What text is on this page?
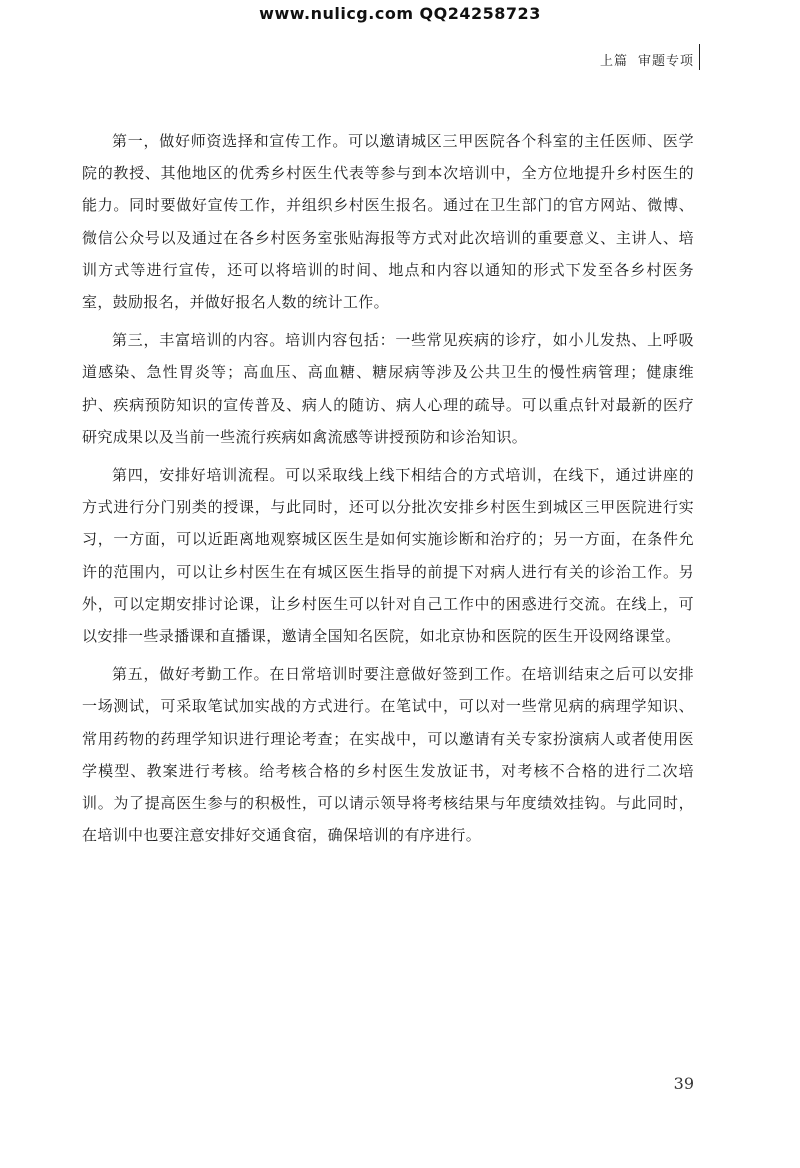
www.nulicg.com QQ24258723
上篇 审题专项

第一，做好师资选择和宣传工作。可以邀请城区三甲医院各个科室的主任医师、医学院的教授、其他地区的优秀乡村医生代表等参与到本次培训中，全方位地提升乡村医生的能力。同时要做好宣传工作，并组织乡村医生报名。通过在卫生部门的官方网站、微博、微信公众号以及通过在各乡村医务室张贴海报等方式对此次培训的重要意义、主讲人、培训方式等进行宣传，还可以将培训的时间、地点和内容以通知的形式下发至各乡村医务室，鼓励报名，并做好报名人数的统计工作。

第三，丰富培训的内容。培训内容包括：一些常见疾病的诊疗，如小儿发热、上呼吸道感染、急性胃炎等；高血压、高血糖、糖尿病等涉及公共卫生的慢性病管理；健康维护、疾病预防知识的宣传普及、病人的随访、病人心理的疏导。可以重点针对最新的医疗研究成果以及当前一些流行疾病如禽流感等讲授预防和诊治知识。

第四，安排好培训流程。可以采取线上线下相结合的方式培训，在线下，通过讲座的方式进行分门别类的授课，与此同时，还可以分批次安排乡村医生到城区三甲医院进行实习，一方面，可以近距离地观察城区医生是如何实施诊断和治疗的；另一方面，在条件允许的范围内，可以让乡村医生在有城区医生指导的前提下对病人进行有关的诊治工作。另外，可以定期安排讨论课，让乡村医生可以针对自己工作中的困惑进行交流。在线上，可以安排一些录播课和直播课，邀请全国知名医院，如北京协和医院的医生开设网络课堂。

第五，做好考勤工作。在日常培训时要注意做好签到工作。在培训结束之后可以安排一场测试，可采取笔试加实战的方式进行。在笔试中，可以对一些常见病的病理学知识、常用药物的药理学知识进行理论考查；在实战中，可以邀请有关专家扮演病人或者使用医学模型、教案进行考核。给考核合格的乡村医生发放证书，对考核不合格的进行二次培训。为了提高医生参与的积极性，可以请示领导将考核结果与年度绩效挂钩。与此同时，在培训中也要注意安排好交通食宿，确保培训的有序进行。

39
